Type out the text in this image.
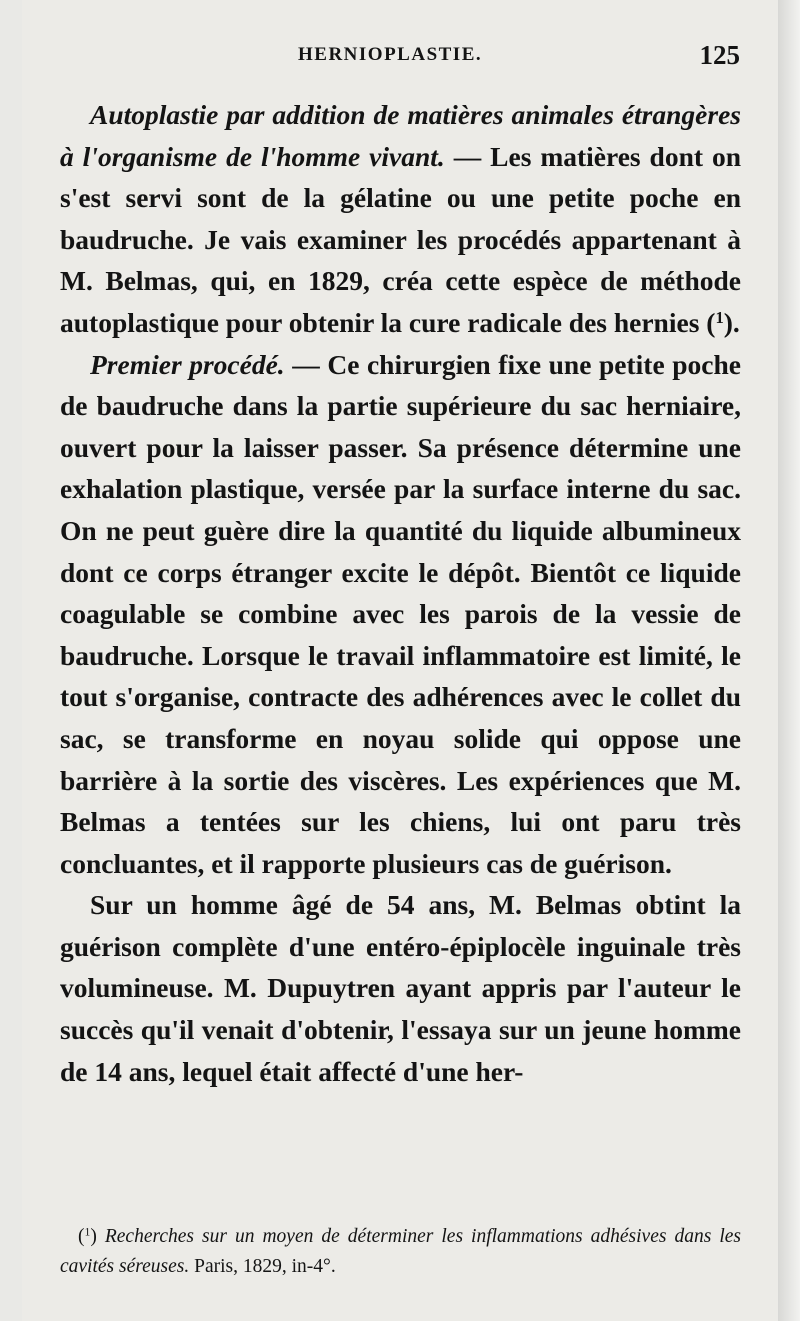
HERNIOPLASTIE.	125

Autoplastie par addition de matières animales étrangères à l'organisme de l'homme vivant. — Les matières dont on s'est servi sont de la gélatine ou une petite poche en baudruche. Je vais examiner les procédés appartenant à M. Belmas, qui, en 1829, créa cette espèce de méthode autoplastique pour obtenir la cure radicale des hernies ($^1$).

Premier procédé. — Ce chirurgien fixe une petite poche de baudruche dans la partie supérieure du sac herniaire, ouvert pour la laisser passer. Sa présence détermine une exhalation plastique, versée par la surface interne du sac. On ne peut guère dire la quantité du liquide albumineux dont ce corps étranger excite le dépôt. Bientôt ce liquide coagulable se combine avec les parois de la vessie de baudruche. Lorsque le travail inflammatoire est limité, le tout s'organise, contracte des adhérences avec le collet du sac, se transforme en noyau solide qui oppose une barrière à la sortie des viscères. Les expériences que M. Belmas a tentées sur les chiens, lui ont paru très concluantes, et il rapporte plusieurs cas de guérison.

Sur un homme âgé de 54 ans, M. Belmas obtint la guérison complète d'une entéro-épiplocèle inguinale très volumineuse. M. Dupuytren ayant appris par l'auteur le succès qu'il venait d'obtenir, l'essaya sur un jeune homme de 14 ans, lequel était affecté d'une her-

($^1$) Recherches sur un moyen de déterminer les inflammations adhésives dans les cavités séreuses. Paris, 1829, in-4°.
